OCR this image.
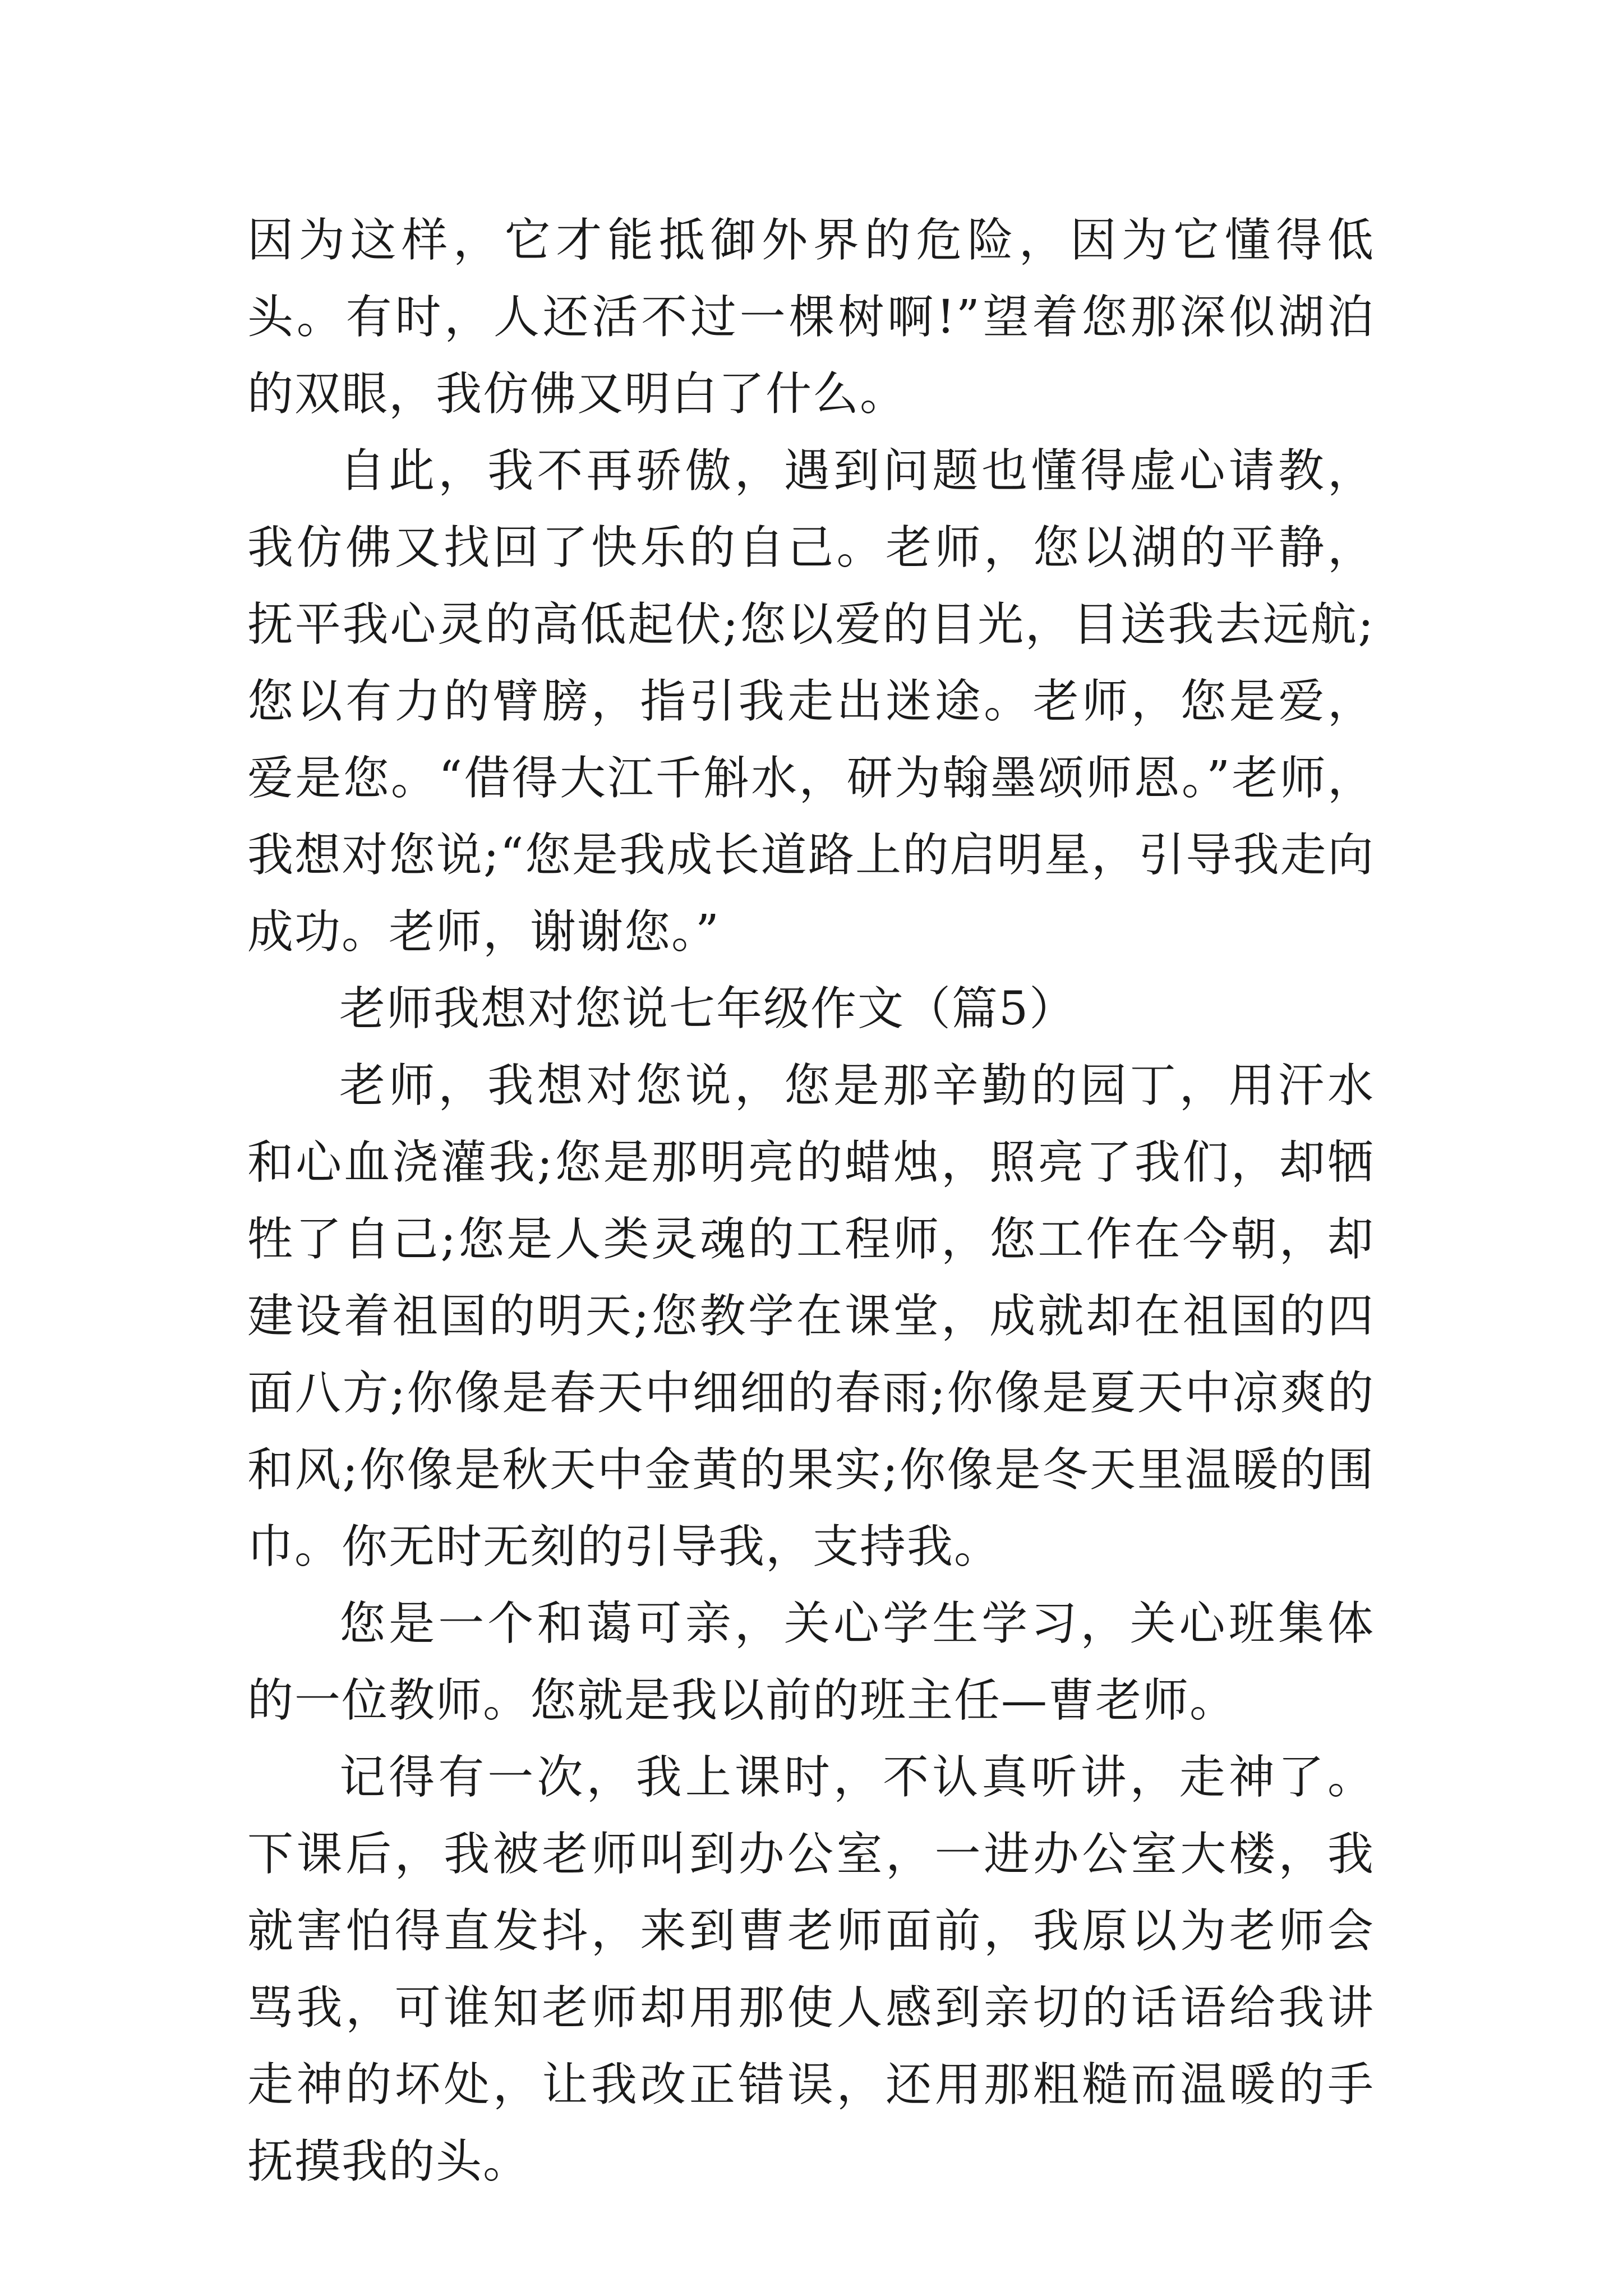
因为这样，它才能抵御外界的危险，因为它懂得低头。有时，人还活不过一棵树啊!”望着您那深似湖泊的双眼，我仿佛又明白了什么。

自此，我不再骄傲，遇到问题也懂得虚心请教，我仿佛又找回了快乐的自己。老师，您以湖的平静，抚平我心灵的高低起伏;您以爱的目光，目送我去远航;您以有力的臂膀，指引我走出迷途。老师，您是爱，爱是您。“借得大江千斛水，研为翰墨颂师恩。”老师，我想对您说;“您是我成长道路上的启明星，引导我走向成功。老师，谢谢您。”

老师我想对您说七年级作文（篇5）

老师，我想对您说，您是那辛勤的园丁，用汗水和心血浇灌我;您是那明亮的蜡烛，照亮了我们，却牺牲了自己;您是人类灵魂的工程师，您工作在今朝，却建设着祖国的明天;您教学在课堂，成就却在祖国的四面八方;你像是春天中细细的春雨;你像是夏天中凉爽的和风;你像是秋天中金黄的果实;你像是冬天里温暖的围巾。你无时无刻的引导我，支持我。

您是一个和蔼可亲，关心学生学习，关心班集体的一位教师。您就是我以前的班主任—曹老师。

记得有一次，我上课时，不认真听讲，走神了。下课后，我被老师叫到办公室，一进办公室大楼，我就害怕得直发抖，来到曹老师面前，我原以为老师会骂我，可谁知老师却用那使人感到亲切的话语给我讲走神的坏处，让我改正错误，还用那粗糙而温暖的手抚摸我的头。
